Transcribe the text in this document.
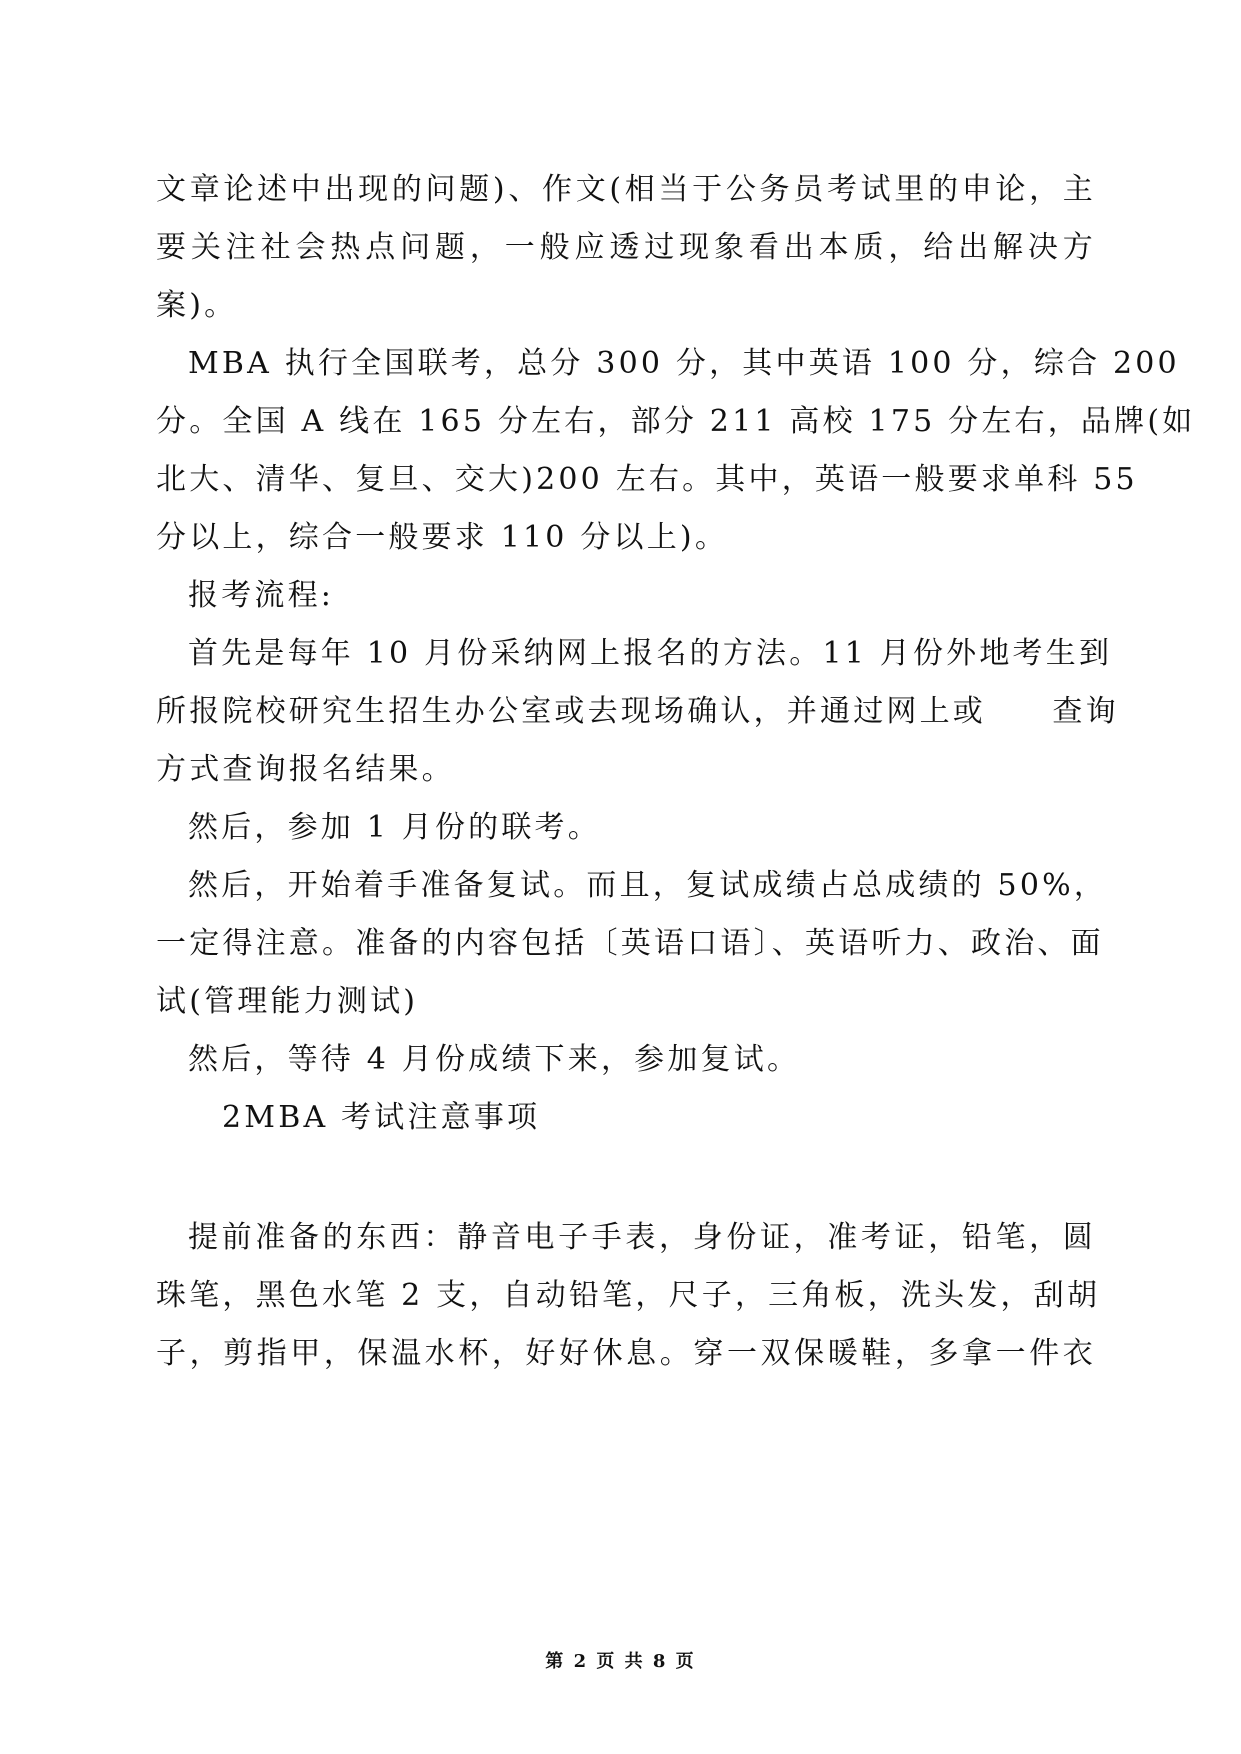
文章论述中出现的问题)、作文(相当于公务员考试里的申论，主
要关注社会热点问题，一般应透过现象看出本质，给出解决方
案)。
MBA 执行全国联考，总分 300 分，其中英语 100 分，综合 200
分。全国 A 线在 165 分左右，部分 211 高校 175 分左右，品牌(如
北大、清华、复旦、交大)200 左右。其中，英语一般要求单科 55
分以上，综合一般要求 110 分以上)。
报考流程:
首先是每年 10 月份采纳网上报名的方法。11 月份外地考生到
所报院校研究生招生办公室或去现场确认，并通过网上或　　查询
方式查询报名结果。
然后，参加 1 月份的联考。
然后，开始着手准备复试。而且，复试成绩占总成绩的 50%，
一定得注意。准备的内容包括〔英语口语〕、英语听力、政治、面
试(管理能力测试)
然后，等待 4 月份成绩下来，参加复试。
2MBA 考试注意事项
提前准备的东西：静音电子手表，身份证，准考证，铅笔，圆
珠笔，黑色水笔 2 支，自动铅笔，尺子，三角板，洗头发，刮胡
子，剪指甲，保温水杯，好好休息。穿一双保暖鞋，多拿一件衣
第 2 页 共 8 页
